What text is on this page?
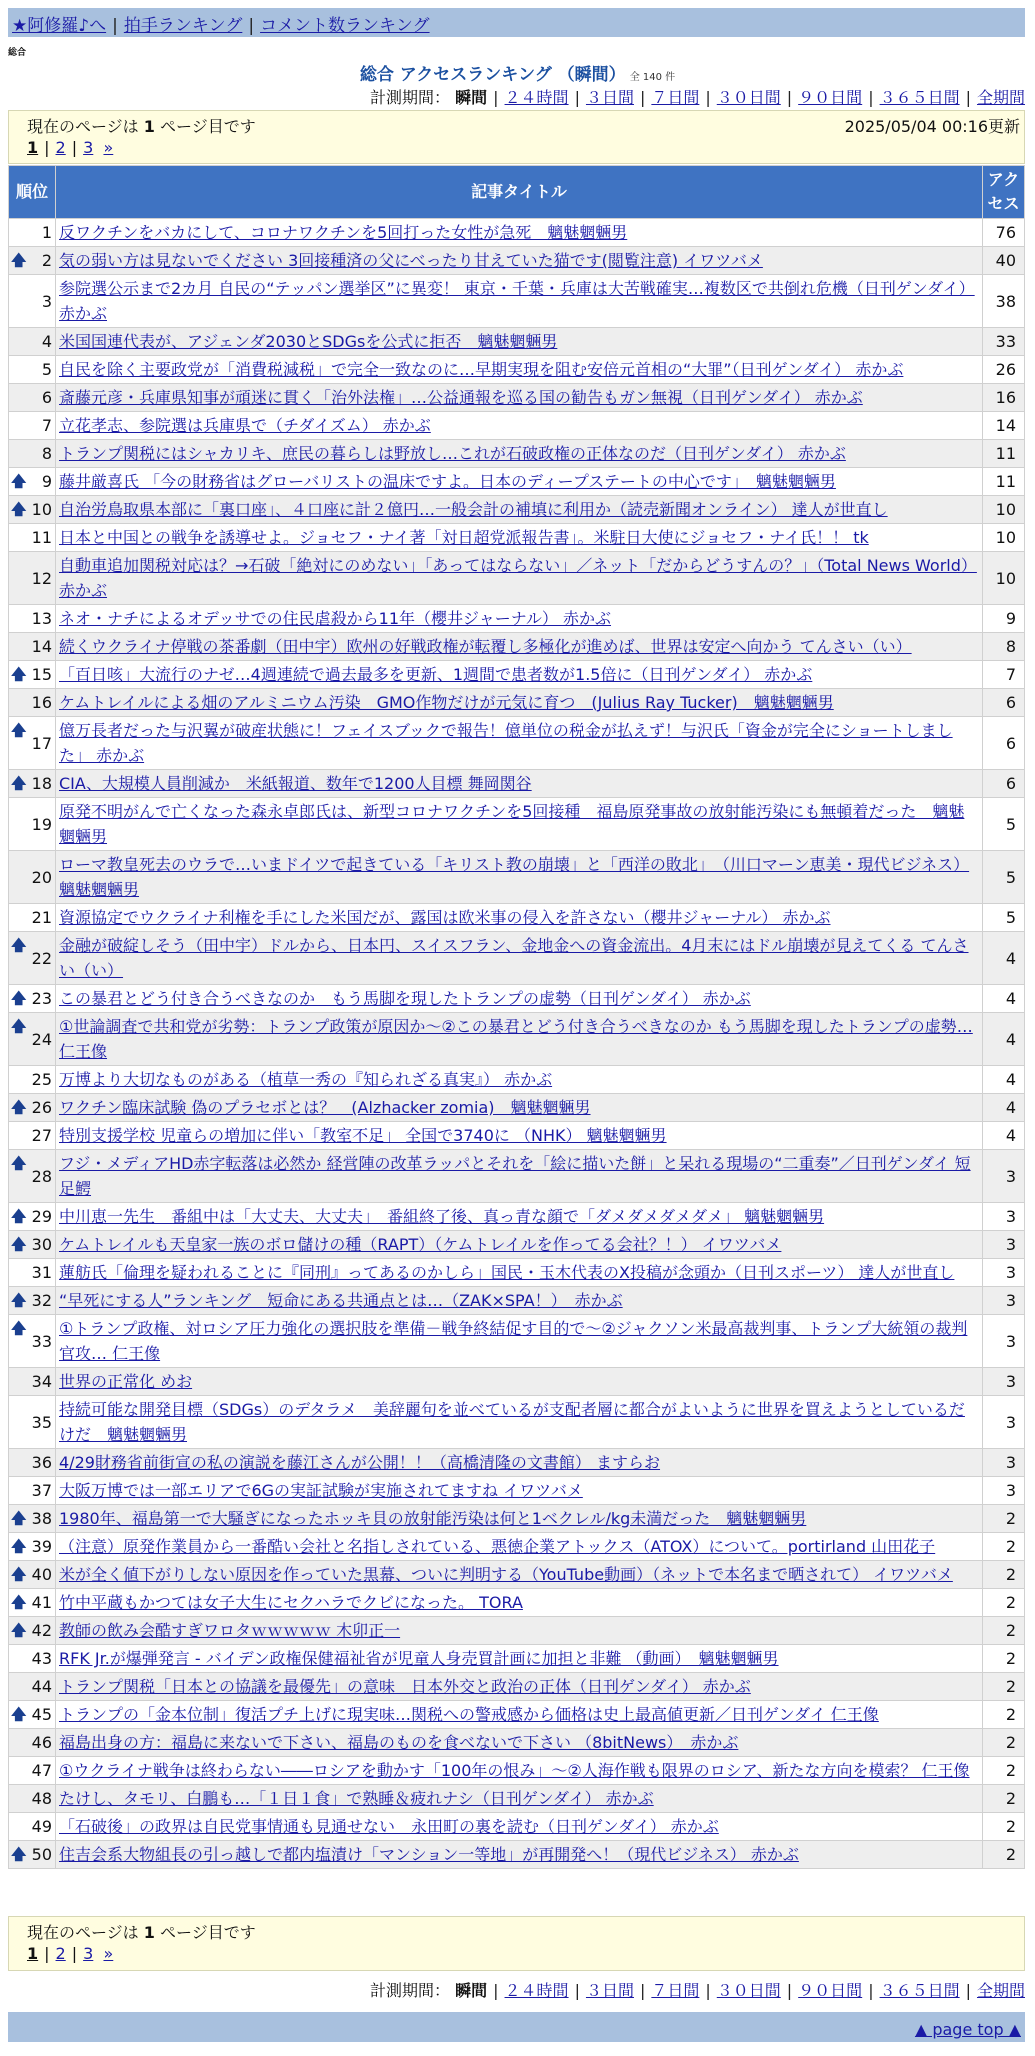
★阿修羅♪へ | 拍手ランキング | コメント数ランキング
総合
総合 アクセスランキング （瞬間） 全 140 件
計測期間： 瞬間 | ２４時間 | ３日間 | ７日間 | ３０日間 | ９０日間 | ３６５日間 | 全期間
現在のページは 1 ページ目です	2025/05/04 00:16更新
1 | 2 | 3 »
順位	記事タイトル	アクセス
1	反ワクチンをバカにして、コロナワクチンを5回打った女性が急死　魑魅魍魎男	76

🡅 2	気の弱い方は見ないでください 3回接種済の父にべったり甘えていた猫です(閲覧注意) イワツバメ	40
3	参院選公示まで2カ月 自民の“テッパン選挙区”に異変！ 東京・千葉・兵庫は大苦戦確実…複数区で共倒れ危機（日刊ゲンダイ） 赤かぶ	38
4	米国国連代表が、アジェンダ2030とSDGsを公式に拒否　魑魅魍魎男	33
5	自民を除く主要政党が「消費税減税」で完全一致なのに…早期実現を阻む安倍元首相の“大罪”（日刊ゲンダイ） 赤かぶ	26
6	斎藤元彦・兵庫県知事が頑迷に貫く「治外法権」…公益通報を巡る国の勧告もガン無視（日刊ゲンダイ） 赤かぶ	16
7	立花孝志、参院選は兵庫県で（チダイズム） 赤かぶ	14
8	トランプ関税にはシャカリキ、庶民の暮らしは野放し…これが石破政権の正体なのだ（日刊ゲンダイ） 赤かぶ	11

🡅 9	藤井厳喜氏 「今の財務省はグローバリストの温床ですよ。日本のディープステートの中心です」　魑魅魍魎男	11

🡅 10	自治労鳥取県本部に「裏口座」、４口座に計２億円…一般会計の補填に利用か（読売新聞オンライン） 達人が世直し	10
11	日本と中国との戦争を誘導せよ。ジョセフ・ナイ著「対日超党派報告書」。米駐日大使にジョセフ・ナイ氏！！ tk	10
12	自動車追加関税対応は？→石破「絶対にのめない」「あってはならない」／ネット「だからどうすんの？」（Total News World） 赤かぶ	10
13	ネオ・ナチによるオデッサでの住民虐殺から11年（櫻井ジャーナル） 赤かぶ	9
14	続くウクライナ停戦の茶番劇（田中宇）欧州の好戦政権が転覆し多極化が進めば、世界は安定へ向かう てんさい（い）	8

🡅 15	「百日咳」大流行のナゼ…4週連続で過去最多を更新、1週間で患者数が1.5倍に（日刊ゲンダイ） 赤かぶ	7
16	ケムトレイルによる畑のアルミニウム汚染　GMO作物だけが元気に育つ　(Julius Ray Tucker)　魑魅魍魎男	6

🡅
17	億万長者だった与沢翼が破産状態に！フェイスブックで報告！億単位の税金が払えず！与沢氏「資金が完全にショートしました」 赤かぶ	6

🡅 18	CIA、大規模人員削減か　米紙報道、数年で1200人目標 舞岡関谷	6
19	原発不明がんで亡くなった森永卓郎氏は、新型コロナワクチンを5回接種　福島原発事故の放射能汚染にも無頓着だった　魑魅魍魎男	5
20	ローマ教皇死去のウラで…いまドイツで起きている「キリスト教の崩壊」と「西洋の敗北」　（川口マーン恵美・現代ビジネス） 魑魅魍魎男	5
21	資源協定でウクライナ利権を手にした米国だが、露国は欧米事の侵入を許さない（櫻井ジャーナル） 赤かぶ	5

🡅
22	金融が破綻しそう（田中宇）ドルから、日本円、スイスフラン、金地金への資金流出。4月末にはドル崩壊が見えてくる てんさい（い）	4

🡅 23	この暴君とどう付き合うべきなのか　もう馬脚を現したトランプの虚勢（日刊ゲンダイ） 赤かぶ	4

🡅
24	①世論調査で共和党が劣勢：トランプ政策が原因か〜②この暴君とどう付き合うべきなのか もう馬脚を現したトランプの虚勢… 仁王像	4
25	万博より大切なものがある（植草一秀の『知られざる真実』） 赤かぶ	4

🡅 26	ワクチン臨床試験 偽のプラセボとは？　(Alzhacker zomia)　魑魅魍魎男	4
27	特別支援学校 児童らの増加に伴い「教室不足」 全国で3740に （NHK） 魑魅魍魎男	4

🡅
28	フジ・メディアHD赤字転落は必然か 経営陣の改革ラッパとそれを「絵に描いた餅」と呆れる現場の“二重奏”／日刊ゲンダイ 短足鰐	3

🡅 29	中川恵一先生　番組中は「大丈夫、大丈夫」　番組終了後、真っ青な顔で「ダメダメダメダメ」 魑魅魍魎男	3

🡅 30	ケムトレイルも天皇家一族のボロ儲けの種（RAPT）（ケムトレイルを作ってる会社？！） イワツバメ	3
31	蓮舫氏「倫理を疑われることに『同刑』ってあるのかしら」国民・玉木代表のX投稿が念頭か（日刊スポーツ） 達人が世直し	3

🡅 32	“早死にする人”ランキング　短命にある共通点とは…（ZAK×SPA！）　赤かぶ	3

🡅
33	①トランプ政権、対ロシア圧力強化の選択肢を準備－戦争終結促す目的で〜②ジャクソン米最高裁判事、トランプ大統領の裁判官攻… 仁王像	3
34	世界の正常化 めお	3
35	持続可能な開発目標（SDGs）のデタラメ　美辞麗句を並べているが支配者層に都合がよいように世界を買えようとしているだけだ　魑魅魍魎男	3
36	4/29財務省前街宣の私の演説を藤江さんが公開！！（高橋清隆の文書館） ますらお	3
37	大阪万博では一部エリアで6Gの実証試験が実施されてますね イワツバメ	3

🡅 38	1980年、福島第一で大騒ぎになったホッキ貝の放射能汚染は何と1ベクレル/kg未満だった　魑魅魍魎男	2

🡅 39	（注意）原発作業員から一番酷い会社と名指しされている、悪徳企業アトックス（ATOX）について。portirland 山田花子	2

🡅 40	米が全く値下がりしない原因を作っていた黒幕、ついに判明する（YouTube動画）（ネットで本名まで晒されて） イワツバメ	2

🡅 41	竹中平蔵もかつては女子大生にセクハラでクビになった。 TORA	2

🡅 42	教師の飲み会酷すぎワロタｗｗｗｗｗ 木卯正一	2
43	RFK Jr.が爆弾発言 - バイデン政権保健福祉省が児童人身売買計画に加担と非難 （動画）　魑魅魍魎男	2
44	トランプ関税「日本との協議を最優先」の意味　日本外交と政治の正体（日刊ゲンダイ） 赤かぶ	2

🡅 45	トランプの「金本位制」復活プチ上げに現実味…関税への警戒感から価格は史上最高値更新／日刊ゲンダイ 仁王像	2
46	福島出身の方：福島に来ないで下さい、福島のものを食べないで下さい （8bitNews）　赤かぶ	2
47	①ウクライナ戦争は終わらない――ロシアを動かす「100年の恨み」〜②人海作戦も限界のロシア、新たな方向を模索？ 仁王像	2
48	たけし、タモリ、白鵬も…「１日１食」で熟睡＆疲れナシ（日刊ゲンダイ） 赤かぶ	2
49	「石破後」の政界は自民党事情通も見通せない　永田町の裏を読む（日刊ゲンダイ） 赤かぶ	2

🡅 50	住吉会系大物組長の引っ越しで都内塩漬け「マンション一等地」が再開発へ！（現代ビジネス） 赤かぶ	2
現在のページは 1 ページ目です
1 | 2 | 3 »
計測期間： 瞬間 | ２４時間 | ３日間 | ７日間 | ３０日間 | ９０日間 | ３６５日間 | 全期間
▲ page top ▲
